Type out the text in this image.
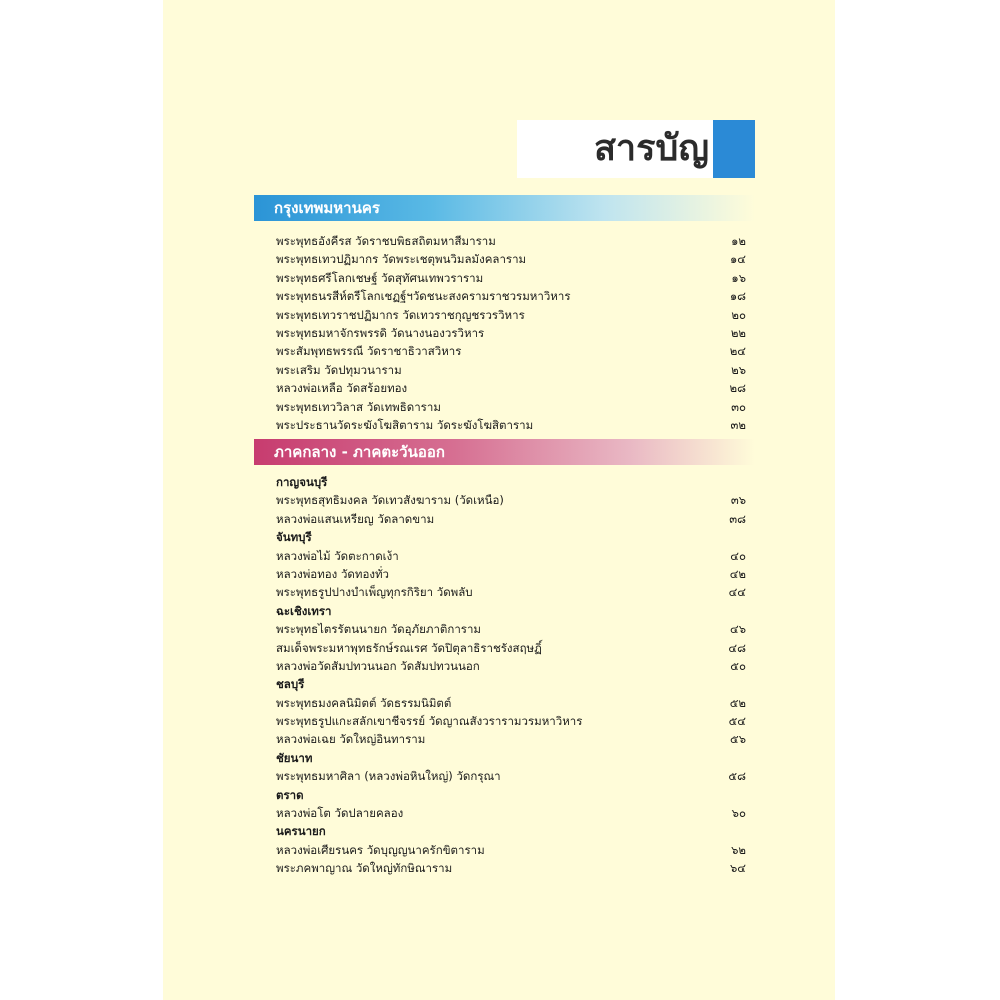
สารบัญ
กรุงเทพมหานคร
พระพุทธอังคีรส วัดราชบพิธสถิตมหาสีมาราม	๑๒
พระพุทธเทวปฏิมากร วัดพระเชตุพนวิมลมังคลาราม	๑๔
พระพุทธศรีโลกเชษฐ์ วัดสุทัศนเทพวราราม	๑๖
พระพุทธนรสีห์ตรีโลกเชฏฐ์ฯวัดชนะสงครามราชวรมหาวิหาร	๑๘
พระพุทธเทวราชปฏิมากร วัดเทวราชกุญชรวรวิหาร	๒๐
พระพุทธมหาจักรพรรดิ วัดนางนองวรวิหาร	๒๒
พระสัมพุทธพรรณี วัดราชาธิวาสวิหาร	๒๔
พระเสริม วัดปทุมวนาราม	๒๖
หลวงพ่อเหลือ วัดสร้อยทอง	๒๘
พระพุทธเทววิลาส วัดเทพธิดาราม	๓๐
พระประธานวัดระฆังโฆสิตาราม วัดระฆังโฆสิตาราม	๓๒
ภาคกลาง - ภาคตะวันออก
กาญจนบุรี
พระพุทธสุทธิมงคล วัดเทวสังฆาราม (วัดเหนือ)	๓๖
หลวงพ่อแสนเหรียญ วัดลาดขาม	๓๘
จันทบุรี
หลวงพ่อไม้ วัดตะกาดเง้า	๔๐
หลวงพ่อทอง วัดทองทั่ว	๔๒
พระพุทธรูปปางบำเพ็ญทุกรกิริยา วัดพลับ	๔๔
ฉะเชิงเทรา
พระพุทธไตรรัตนนายก วัดอุภัยภาติการาม	๔๖
สมเด็จพระมหาพุทธรักษ์รณเรศ วัดปิตุลาธิราชรังสฤษฏิ์	๔๘
หลวงพ่อวัดสัมปทวนนอก วัดสัมปทวนนอก	๕๐
ชลบุรี
พระพุทธมงคลนิมิตต์ วัดธรรมนิมิตต์	๕๒
พระพุทธรูปแกะสลักเขาชีจรรย์ วัดญาณสังวรารามวรมหาวิหาร	๕๔
หลวงพ่อเฉย วัดใหญ่อินทาราม	๕๖
ชัยนาท
พระพุทธมหาศิลา (หลวงพ่อหินใหญ่) วัดกรุณา	๕๘
ตราด
หลวงพ่อโต วัดปลายคลอง	๖๐
นครนายก
หลวงพ่อเศียรนคร วัดบุญญนาครักขิตาราม	๖๒
พระภคพาญาณ วัดใหญ่ทักษิณาราม	๖๔
